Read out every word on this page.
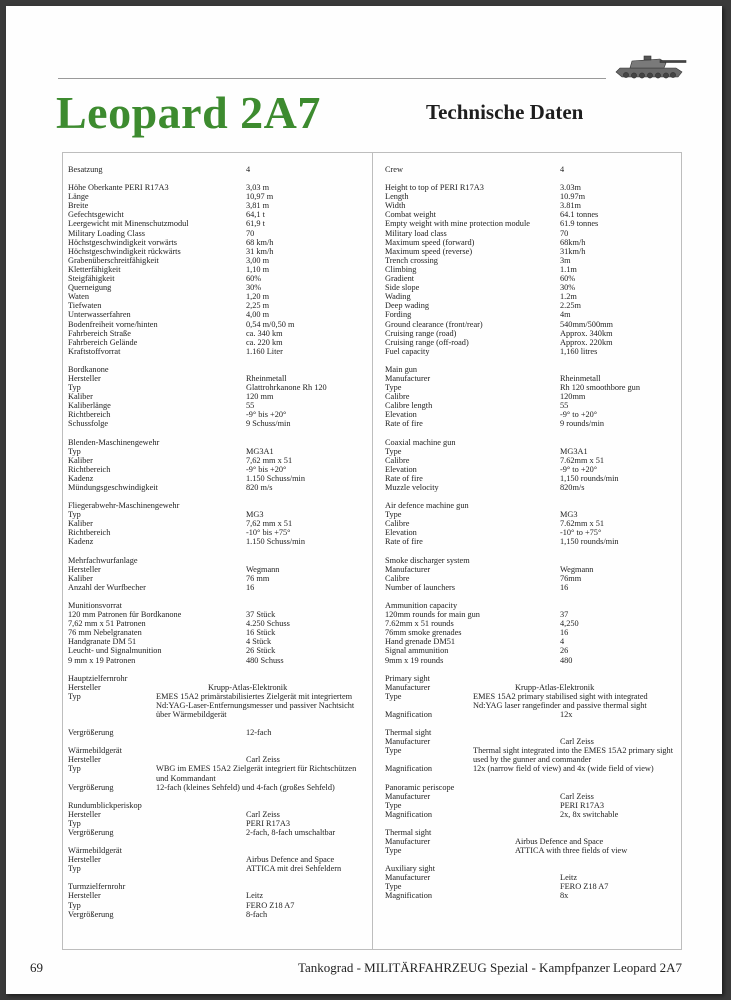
Leopard 2A7	Technische Daten
Besatzung	4
Höhe Oberkante PERI R17A3	3,03 m
Länge	10,97 m
Breite	3,81 m
Gefechtsgewicht	64,1 t
Leergewicht mit Minenschutzmodul	61,9 t
Military Loading Class	70
Höchstgeschwindigkeit vorwärts	68 km/h
Höchstgeschwindigkeit rückwärts	31 km/h
Grabenüberschreitfähigkeit	3,00 m
Kletterfähigkeit	1,10 m
Steigfähigkeit	60%
Querneigung	30%
Waten	1,20 m
Tiefwaten	2,25 m
Unterwasserfahren	4,00 m
Bodenfreiheit vorne/hinten	0,54 m/0,50 m
Fahrbereich Straße	ca. 340 km
Fahrbereich Gelände	ca. 220 km
Kraftstoffvorrat	1.160 Liter
Bordkanone
Hersteller	Rheinmetall
Typ	Glattrohrkanone Rh 120
Kaliber	120 mm
Kaliberlänge	55
Richtbereich	-9° bis +20°
Schussfolge	9 Schuss/min
Blenden-Maschinengewehr
Typ	MG3A1
Kaliber	7,62 mm x 51
Richtbereich	-9° bis +20°
Kadenz	1.150 Schuss/min
Mündungsgeschwindigkeit	820 m/s
Fliegerabwehr-Maschinengewehr
Typ	MG3
Kaliber	7,62 mm x 51
Richtbereich	-10° bis +75°
Kadenz	1.150 Schuss/min
Mehrfachwurfanlage
Hersteller	Wegmann
Kaliber	76 mm
Anzahl der Wurfbecher	16
Munitionsvorrat
120 mm Patronen für Bordkanone	37 Stück
7,62 mm x 51 Patronen	4.250 Schuss
76 mm Nebelgranaten	16 Stück
Handgranate DM 51	4 Stück
Leucht- und Signalmunition	26 Stück
9 mm x 19 Patronen	480 Schuss
Hauptzielfernrohr
Hersteller	Krupp-Atlas-Elektronik
Typ	EMES 15A2 primärstabilisiertes Zielgerät mit integriertem Nd:YAG-Laser-Entfernungsmesser und passiver Nachtsicht über Wärmebildgerät
Vergrößerung	12-fach
Wärmebildgerät
Hersteller	Carl Zeiss
Typ	WBG im EMES 15A2 Zielgerät integriert für Richtschützen und Kommandant
Vergrößerung	12-fach (kleines Sehfeld) und 4-fach (großes Sehfeld)
Rundumblickperiskop
Hersteller	Carl Zeiss
Typ	PERI R17A3
Vergrößerung	2-fach, 8-fach umschaltbar
Wärmebildgerät
Hersteller	Airbus Defence and Space
Typ	ATTICA mit drei Sehfeldern
Turmzielfernrohr
Hersteller	Leitz
Typ	FERO Z18 A7
Vergrößerung	8-fach
Crew	4
Height to top of PERI R17A3	3.03m
Length	10.97m
Width	3.81m
Combat weight	64.1 tonnes
Empty weight with mine protection module	61.9 tonnes
Military load class	70
Maximum speed (forward)	68km/h
Maximum speed (reverse)	31km/h
Trench crossing	3m
Climbing	1.1m
Gradient	60%
Side slope	30%
Wading	1.2m
Deep wading	2.25m
Fording	4m
Ground clearance (front/rear)	540mm/500mm
Cruising range (road)	Approx. 340km
Cruising range (off-road)	Approx. 220km
Fuel capacity	1,160 litres
Main gun
Manufacturer	Rheinmetall
Type	Rh 120 smoothbore gun
Calibre	120mm
Calibre length	55
Elevation	-9° to +20°
Rate of fire	9 rounds/min
Coaxial machine gun
Type	MG3A1
Calibre	7.62mm x 51
Elevation	-9° to +20°
Rate of fire	1,150 rounds/min
Muzzle velocity	820m/s
Air defence machine gun
Type	MG3
Calibre	7.62mm x 51
Elevation	-10° to +75°
Rate of fire	1,150 rounds/min
Smoke discharger system
Manufacturer	Wegmann
Calibre	76mm
Number of launchers	16
Ammunition capacity
120mm rounds for main gun	37
7.62mm x 51 rounds	4,250
76mm smoke grenades	16
Hand grenade DM51	4
Signal ammunition	26
9mm x 19 rounds	480
Primary sight
Manufacturer	Krupp-Atlas-Elektronik
Type	EMES 15A2 primary stabilised sight with integrated Nd:YAG laser rangefinder and passive thermal sight
Magnification	12x
Thermal sight
Manufacturer	Carl Zeiss
Type	Thermal sight integrated into the EMES 15A2 primary sight used by the gunner and commander
Magnification	12x (narrow field of view) and 4x (wide field of view)
Panoramic periscope
Manufacturer	Carl Zeiss
Type	PERI R17A3
Magnification	2x, 8x switchable
Thermal sight
Manufacturer	Airbus Defence and Space
Type	ATTICA with three fields of view
Auxiliary sight
Manufacturer	Leitz
Type	FERO Z18 A7
Magnification	8x
69	Tankograd - MILITÄRFAHRZEUG Spezial - Kampfpanzer Leopard 2A7
